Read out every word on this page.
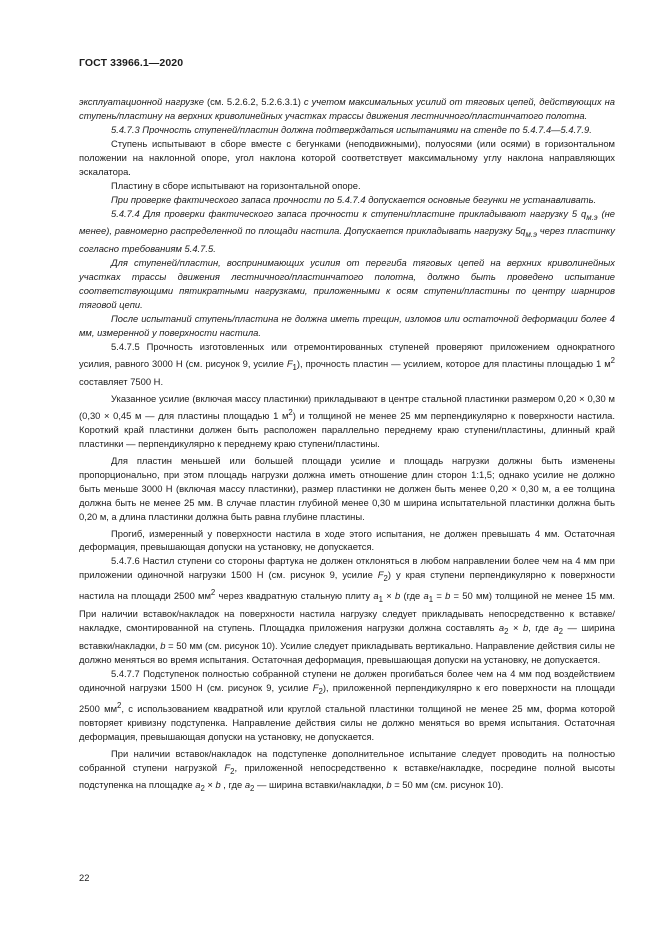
ГОСТ 33966.1—2020

эксплуатационной нагрузке (см. 5.2.6.2, 5.2.6.3.1) с учетом максимальных усилий от тяговых цепей, действующих на ступень/пластину на верхних криволинейных участках трассы движения лестничного/пластинчатого полотна.

5.4.7.3 Прочность ступеней/пластин должна подтверждаться испытаниями на стенде по 5.4.7.4—5.4.7.9.

Ступень испытывают в сборе вместе с бегунками (неподвижными), полуосями (или осями) в горизонтальном положении на наклонной опоре, угол наклона которой соответствует максимальному углу наклона направляющих эскалатора.

Пластину в сборе испытывают на горизонтальной опоре.

При проверке фактического запаса прочности по 5.4.7.4 допускается основные бегунки не устанавливать.

5.4.7.4 Для проверки фактического запаса прочности к ступени/пластине прикладывают нагрузку 5 $q_{м.э}$ (не менее), равномерно распределенной по площади настила. Допускается прикладывать нагрузку $5q_{м.э}$ через пластинку согласно требованиям 5.4.7.5.

Для ступеней/пластин, воспринимающих усилия от перегиба тяговых цепей на верхних криволинейных участках трассы движения лестничного/пластинчатого полотна, должно быть проведено испытание соответствующими пятикратными нагрузками, приложенными к осям ступени/пластины по центру шарниров тяговой цепи.

После испытаний ступень/пластина не должна иметь трещин, изломов или остаточной деформации более 4 мм, измеренной у поверхности настила.

5.4.7.5 Прочность изготовленных или отремонтированных ступеней проверяют приложением однократного усилия, равного 3000 Н (см. рисунок 9, усилие $F_1$), прочность пластин — усилием, которое для пластины площадью 1 $м^2$ составляет 7500 Н.

Указанное усилие (включая массу пластинки) прикладывают в центре стальной пластинки размером 0,20 × 0,30 м (0,30 × 0,45 м — для пластины площадью 1 $м^2$) и толщиной не менее 25 мм перпендикулярно к поверхности настила. Короткий край пластинки должен быть расположен параллельно переднему краю ступени/пластины, длинный край пластинки — перпендикулярно к переднему краю ступени/пластины.

Для пластин меньшей или большей площади усилие и площадь нагрузки должны быть изменены пропорционально, при этом площадь нагрузки должна иметь отношение длин сторон 1:1,5; однако усилие не должно быть меньше 3000 Н (включая массу пластинки), размер пластинки не должен быть менее 0,20 × 0,30 м, а ее толщина должна быть не менее 25 мм. В случае пластин глубиной менее 0,30 м ширина испытательной пластинки должна быть 0,20 м, а длина пластинки должна быть равна глубине пластины.

Прогиб, измеренный у поверхности настила в ходе этого испытания, не должен превышать 4 мм. Остаточная деформация, превышающая допуски на установку, не допускается.

5.4.7.6 Настил ступени со стороны фартука не должен отклоняться в любом направлении более чем на 4 мм при приложении одиночной нагрузки 1500 Н (см. рисунок 9, усилие $F_2$) у края ступени перпендикулярно к поверхности настила на площади 2500 $мм^2$ через квадратную стальную плиту $a_1 \times b$ (где $a_1 = b = 50$ мм) толщиной не менее 15 мм. При наличии вставок/накладок на поверхности настила нагрузку следует прикладывать непосредственно к вставке/накладке, смонтированной на ступень. Площадка приложения нагрузки должна составлять $a_2 \times b$, где $a_2$ — ширина вставки/накладки, b = 50 мм (см. рисунок 10). Усилие следует прикладывать вертикально. Направление действия силы не должно меняться во время испытания. Остаточная деформация, превышающая допуски на установку, не допускается.

5.4.7.7 Подступенок полностью собранной ступени не должен прогибаться более чем на 4 мм под воздействием одиночной нагрузки 1500 Н (см. рисунок 9, усилие $F_2$), приложенной перпендикулярно к его поверхности на площади 2500 $мм^2$, с использованием квадратной или круглой стальной пластинки толщиной не менее 25 мм, форма которой повторяет кривизну подступенка. Направление действия силы не должно меняться во время испытания. Остаточная деформация, превышающая допуски на установку, не допускается.

При наличии вставок/накладок на подступенке дополнительное испытание следует проводить на полностью собранной ступени нагрузкой $F_2$, приложенной непосредственно к вставке/накладке, посредине полной высоты подступенка на площадке $a_2 \times b$ , где $a_2$ — ширина вставки/накладки, b = 50 мм (см. рисунок 10).

22
